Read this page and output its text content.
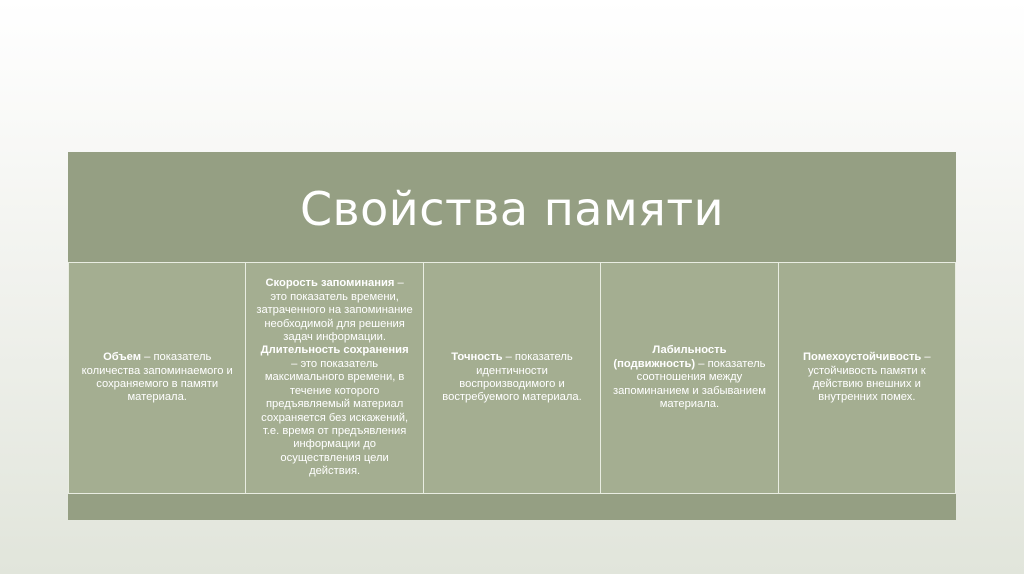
Свойства памяти

Объем – показатель количества запоминаемого и сохраняемого в памяти материала.

Скорость запоминания – это показатель времени, затраченного на запоминание необходимой для решения задач информации.
Длительность сохранения – это показатель максимального времени, в течение которого предъявляемый материал сохраняется без искажений, т.е. время от предъявления информации до осуществления цели действия.

Точность – показатель идентичности воспроизводимого и востребуемого материала.

Лабильность (подвижность) – показатель соотношения между запоминанием и забыванием материала.

Помехоустойчивость – устойчивость памяти к действию внешних и внутренних помех.
